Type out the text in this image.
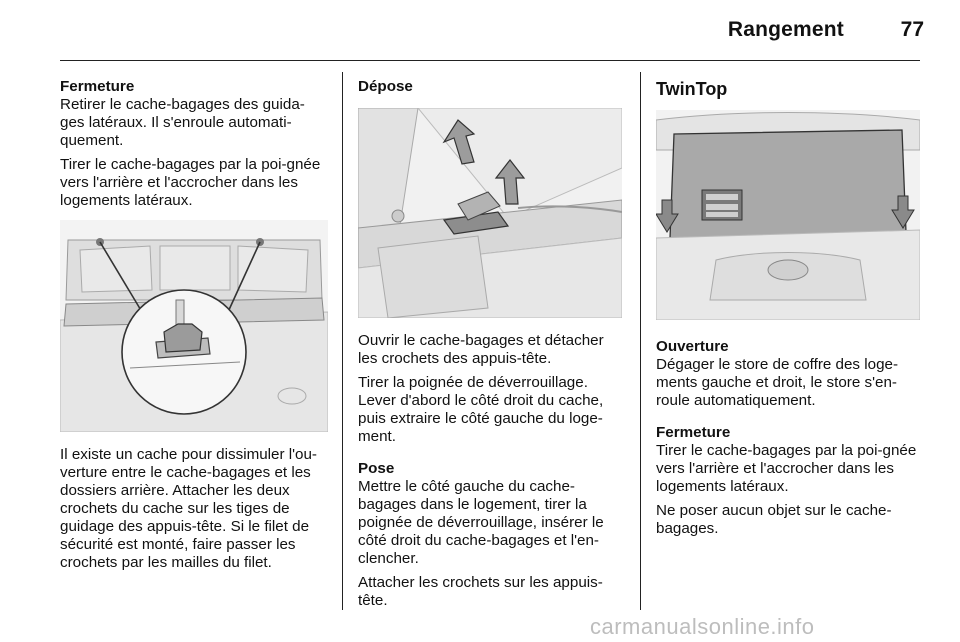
Rangement	77

Fermeture

Retirer le cache-bagages des guida-ges latéraux. Il s'enroule automati-quement.

Tirer le cache-bagages par la poi-gnée vers l'arrière et l'accrocher dans les logements latéraux.

Il existe un cache pour dissimuler l'ou-verture entre le cache-bagages et les dossiers arrière. Attacher les deux crochets du cache sur les tiges de guidage des appuis-tête. Si le filet de sécurité est monté, faire passer les crochets par les mailles du filet.

Dépose

Ouvrir le cache-bagages et détacher les crochets des appuis-tête.

Tirer la poignée de déverrouillage. Lever d'abord le côté droit du cache, puis extraire le côté gauche du loge-ment.

Pose

Mettre le côté gauche du cache-bagages dans le logement, tirer la poignée de déverrouillage, insérer le côté droit du cache-bagages et l'en-clencher.

Attacher les crochets sur les appuis-tête.

TwinTop

Ouverture

Dégager le store de coffre des loge-ments gauche et droit, le store s'en-roule automatiquement.

Fermeture

Tirer le cache-bagages par la poi-gnée vers l'arrière et l'accrocher dans les logements latéraux.

Ne poser aucun objet sur le cache-bagages.

carmanualsonline.info
